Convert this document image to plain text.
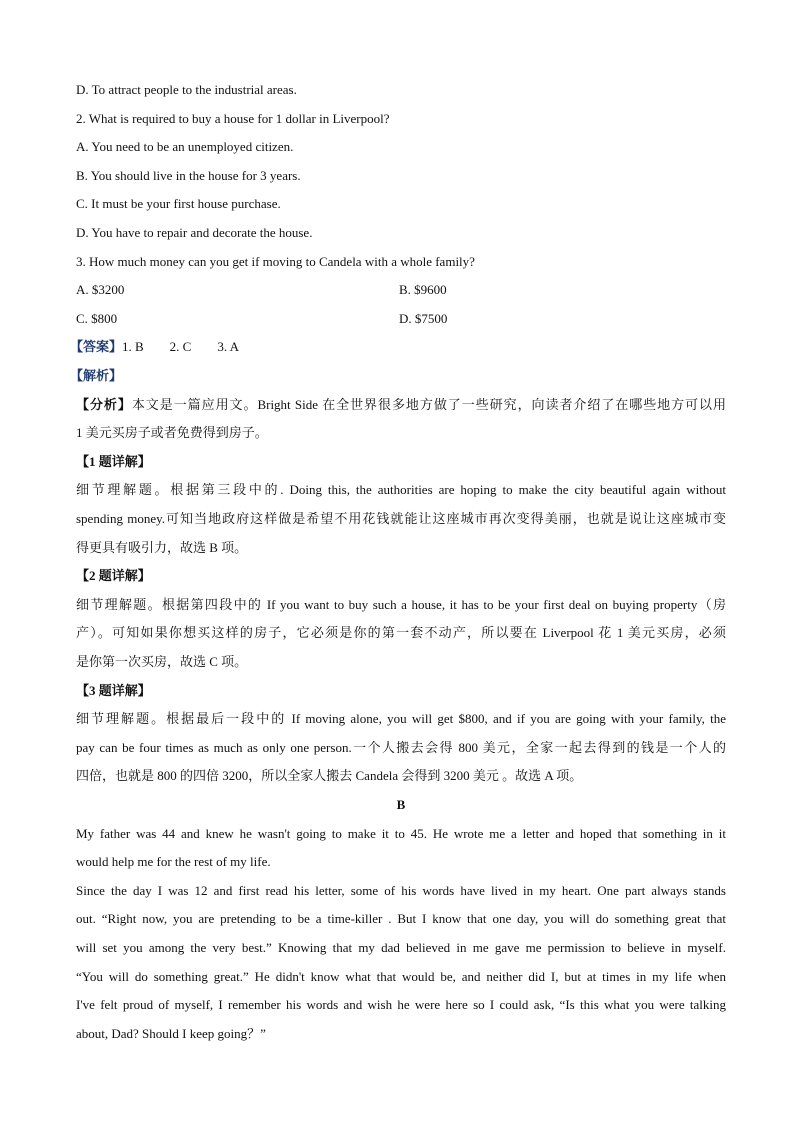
D. To attract people to the industrial areas.
2. What is required to buy a house for 1 dollar in Liverpool?
A. You need to be an unemployed citizen.
B. You should live in the house for 3 years.
C. It must be your first house purchase.
D. You have to repair and decorate the house.
3. How much money can you get if moving to Candela with a whole family?
A. $3200	B. $9600
C. $800	D. $7500
【答案】1. B        2. C        3. A
【解析】
【分析】本文是一篇应用文。Bright Side 在全世界很多地方做了一些研究，向读者介绍了在哪些地方可以用
1 美元买房子或者免费得到房子。
【1 题详解】
细节理解题。根据第三段中的. Doing this, the authorities are hoping to make the city beautiful again without
spending money.可知当地政府这样做是希望不用花钱就能让这座城市再次变得美丽，也就是说让这座城市变
得更具有吸引力，故选 B 项。
【2 题详解】
细节理解题。根据第四段中的 If you want to buy such a house, it has to be your first deal on buying property（房
产）。可知如果你想买这样的房子，它必须是你的第一套不动产，所以要在 Liverpool 花 1 美元买房，必须
是你第一次买房，故选 C 项。
【3 题详解】
细节理解题。根据最后一段中的 If moving alone, you will get $800, and if you are going with your family, the
pay can be four times as much as only one person.一个人搬去会得 800 美元，全家一起去得到的钱是一个人的
四倍，也就是 800 的四倍 3200，所以全家人搬去 Candela 会得到 3200 美元 。故选 A 项。
B
My father was 44 and knew he wasn't going to make it to 45. He wrote me a letter and hoped that something in it
would help me for the rest of my life.
Since the day I was 12 and first read his letter, some of his words have lived in my heart. One part always stands
out. “Right now, you are pretending to be a time-killer . But I know that one day, you will do something great that
will set you among the very best.” Knowing that my dad believed in me gave me permission to believe in myself.
“You will do something great.” He didn't know what that would be, and neither did I, but at times in my life when
I've felt proud of myself, I remember his words and wish he were here so I could ask, “Is this what you were talking
about, Dad? Should I keep going？”
